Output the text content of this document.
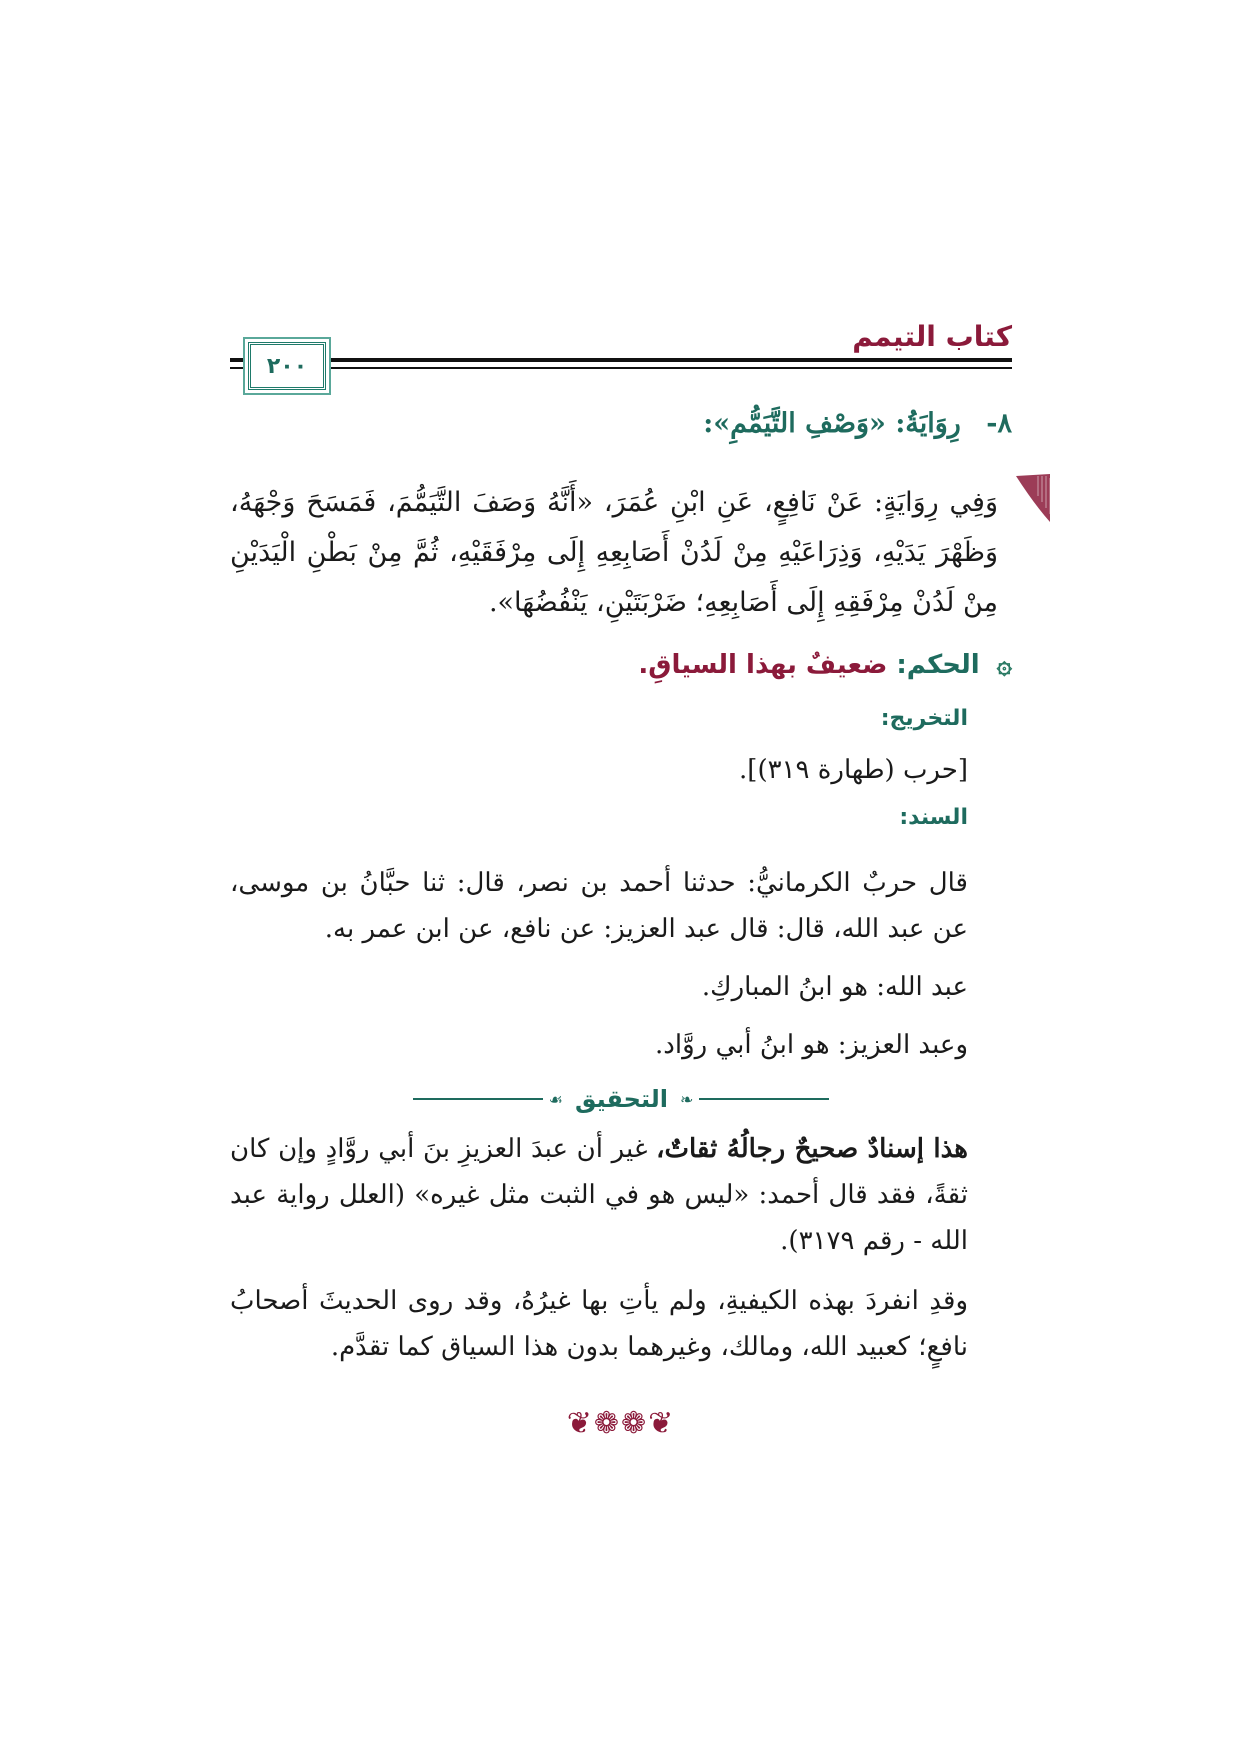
كتاب التيمم
٢٠٠
٨- رِوَايَةُ: «وَصْفِ التَّيَمُّمِ»:
وَفِي رِوَايَةٍ: عَنْ نَافِعٍ، عَنِ ابْنِ عُمَرَ، «أَنَّهُ وَصَفَ التَّيَمُّمَ، فَمَسَحَ وَجْهَهُ، وَظَهْرَ يَدَيْهِ، وَذِرَاعَيْهِ مِنْ لَدُنْ أَصَابِعِهِ إِلَى مِرْفَقَيْهِ، ثُمَّ مِنْ بَطْنِ الْيَدَيْنِ مِنْ لَدُنْ مِرْفَقِهِ إِلَى أَصَابِعِهِ؛ ضَرْبَتَيْنِ، يَنْفُضُهَا».
۞ الحكم: ضعيفٌ بهذا السياقِ.
التخريج:
[حرب (طهارة ٣١٩)].
السند:
قال حربٌ الكرمانيُّ: حدثنا أحمد بن نصر، قال: ثنا حبَّانُ بن موسى، عن عبد الله، قال: قال عبد العزيز: عن نافع، عن ابن عمر به.
عبد الله: هو ابنُ المباركِ.
وعبد العزيز: هو ابنُ أبي روَّاد.
❧
التحقيق
☙
هذا إسنادٌ صحيحٌ رجالُهُ ثقاتٌ، غير أن عبدَ العزيزِ بنَ أبي روَّادٍ وإن كان ثقةً، فقد قال أحمد: «ليس هو في الثبت مثل غيره» (العلل رواية عبد الله - رقم ٣١٧٩).
وقدِ انفردَ بهذه الكيفيةِ، ولم يأتِ بها غيرُهُ، وقد روى الحديثَ أصحابُ نافعٍ؛ كعبيد الله، ومالك، وغيرهما بدون هذا السياق كما تقدَّم.
❦❁❁❦
